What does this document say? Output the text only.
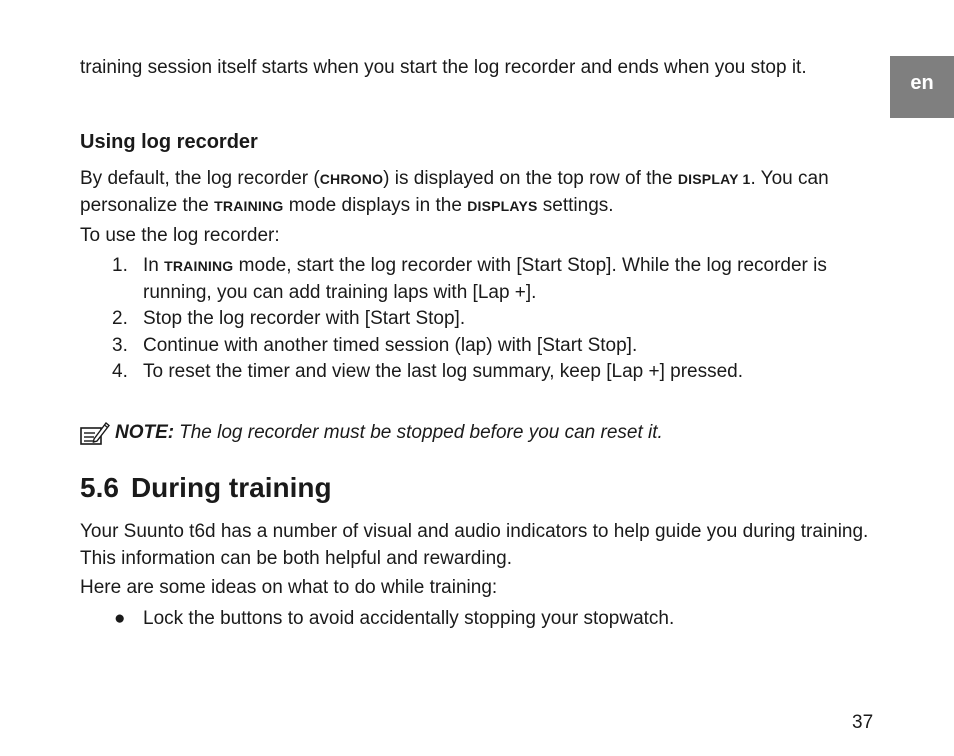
en

training session itself starts when you start the log recorder and ends when you stop it.

Using log recorder

By default, the log recorder (CHRONO) is displayed on the top row of the DISPLAY 1. You can personalize the TRAINING mode displays in the DISPLAYS settings.

To use the log recorder:

1. In TRAINING mode, start the log recorder with [Start Stop]. While the log recorder is running, you can add training laps with [Lap +].
2. Stop the log recorder with [Start Stop].
3. Continue with another timed session (lap) with [Start Stop].
4. To reset the timer and view the last log summary, keep [Lap +] pressed.
NOTE: The log recorder must be stopped before you can reset it.
5.6 During training

Your Suunto t6d has a number of visual and audio indicators to help guide you during training. This information can be both helpful and rewarding.

Here are some ideas on what to do while training:

● Lock the buttons to avoid accidentally stopping your stopwatch.
37
